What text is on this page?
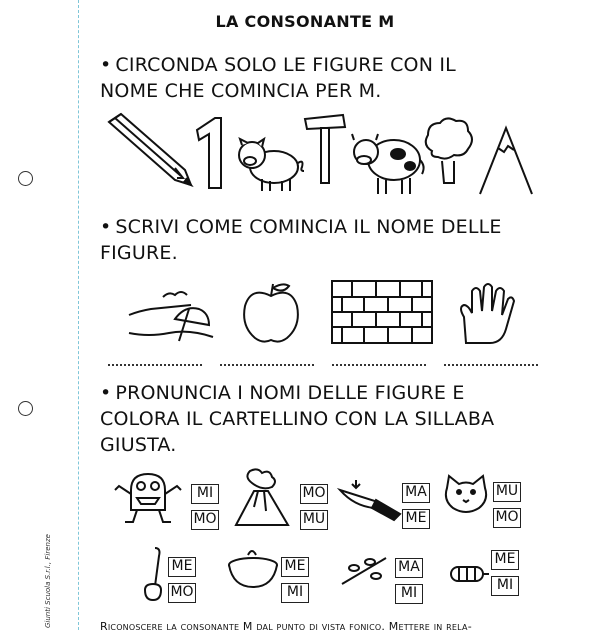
Giunti Scuola S.r.l., Firenze
LA CONSONANTE M
• CIRCONDA SOLO LE FIGURE CON IL
NOME CHE COMINCIA PER M.
• SCRIVI COME COMINCIA IL NOME DELLE
FIGURE.
• PRONUNCIA I NOMI DELLE FIGURE E
COLORA IL CARTELLINO CON LA SILLABA
GIUSTA.
MI
MO
MO
MU
MA
ME
MU
MO
ME
MO
ME
MI
MA
MI
ME
MI
Riconoscere la consonante M dal punto di vista fonico. Mettere in rela-
